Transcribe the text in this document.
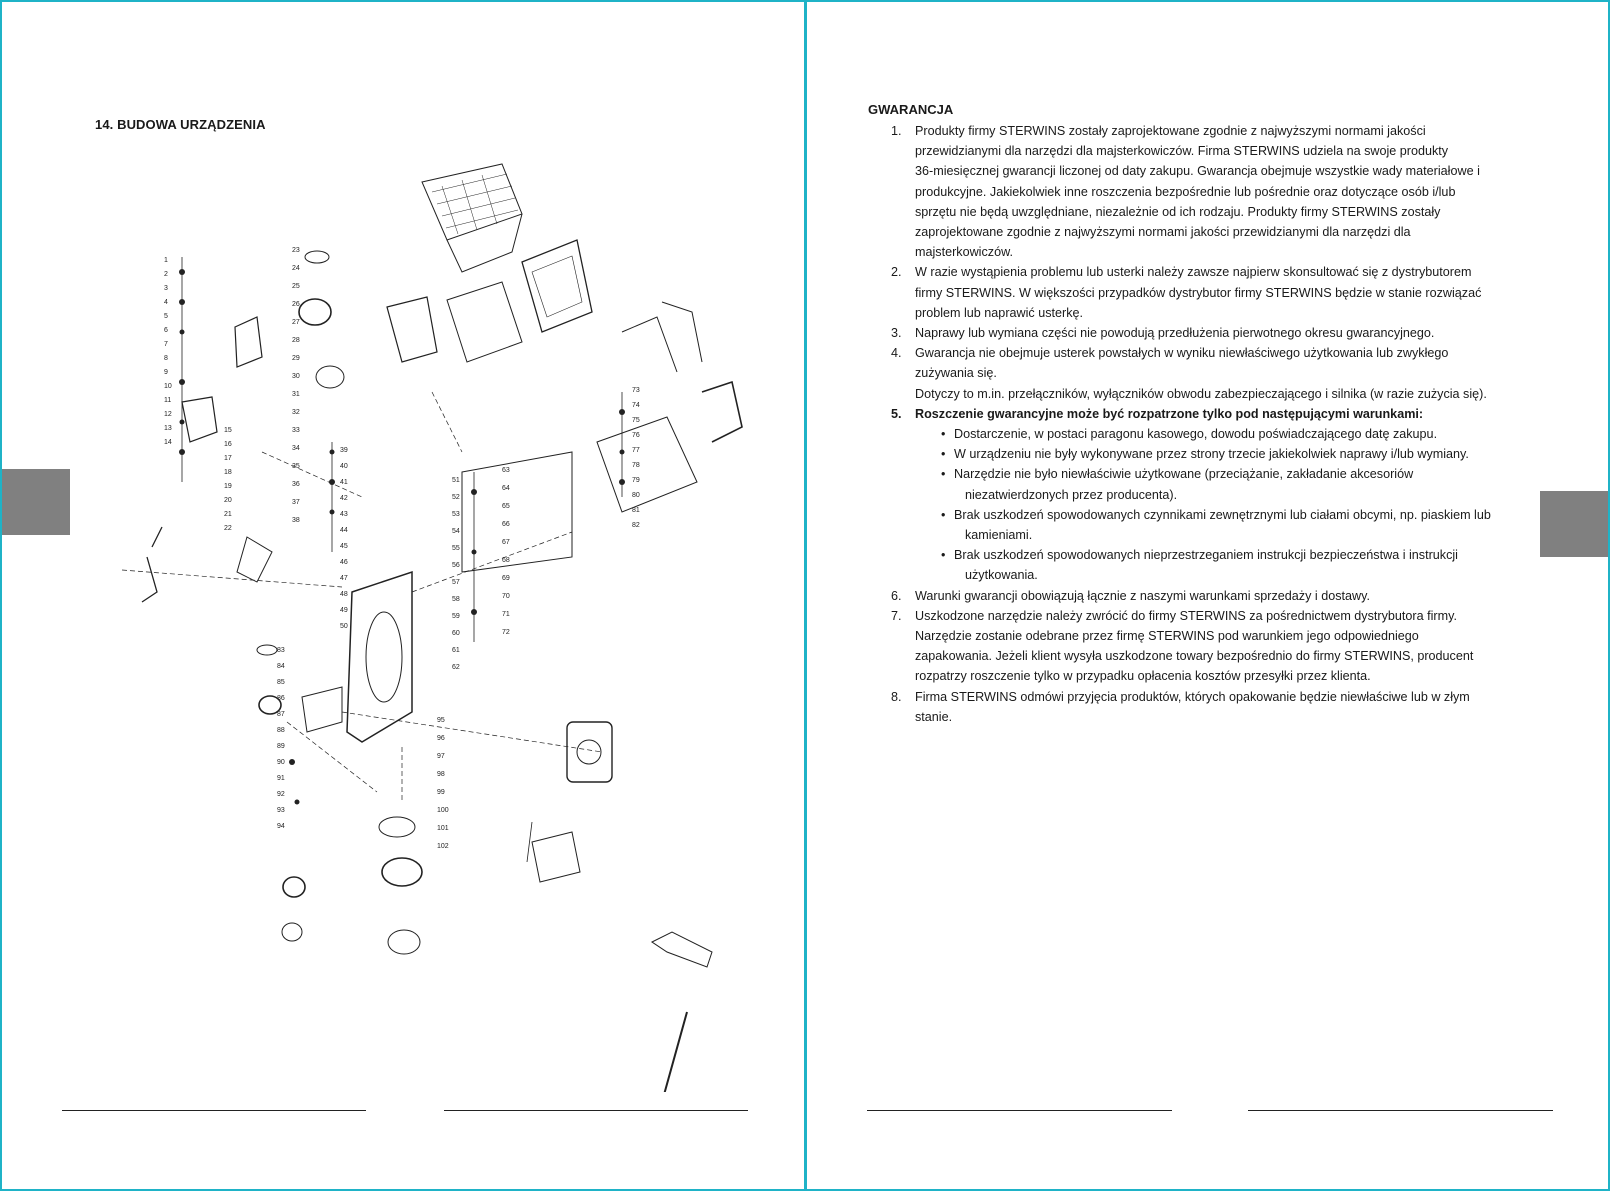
14. BUDOWA URZĄDZENIA
1
2
3
4
5
6
7
8
9
10
11
12
13
14
15
16
17
18
19
20
21
22
23
24
25
26
27
28
29
30
31
32
33
34
35
36
37
38
39
40
41
42
43
44
45
46
47
48
49
50
51
52
53
54
55
56
57
58
59
60
61
62
63
64
65
66
67
68
69
70
71
72
73
74
75
76
77
78
79
80
81
82
83
84
85
86
87
88
89
90
91
92
93
94
95
96
97
98
99
100
101
102
GWARANCJA
1. Produkty firmy STERWINS zostały zaprojektowane zgodnie z najwyższymi normami jakości
przewidzianymi dla narzędzi dla majsterkowiczów. Firma STERWINS udziela na swoje produkty
36-miesięcznej gwarancji liczonej od daty zakupu. Gwarancja obejmuje wszystkie wady materiałowe i
produkcyjne. Jakiekolwiek inne roszczenia bezpośrednie lub pośrednie oraz dotyczące osób i/lub
sprzętu nie będą uwzględniane, niezależnie od ich rodzaju. Produkty firmy STERWINS zostały
zaprojektowane zgodnie z najwyższymi normami jakości przewidzianymi dla narzędzi dla
majsterkowiczów.
2. W razie wystąpienia problemu lub usterki należy zawsze najpierw skonsultować się z dystrybutorem
firmy STERWINS. W większości przypadków dystrybutor firmy STERWINS będzie w stanie rozwiązać
problem lub naprawić usterkę.
3. Naprawy lub wymiana części nie powodują przedłużenia pierwotnego okresu gwarancyjnego.
4. Gwarancja nie obejmuje usterek powstałych w wyniku niewłaściwego użytkowania lub zwykłego
zużywania się.
Dotyczy to m.in. przełączników, wyłączników obwodu zabezpieczającego i silnika (w razie zużycia się).
5. Roszczenie gwarancyjne może być rozpatrzone tylko pod następującymi warunkami:
• Dostarczenie, w postaci paragonu kasowego, dowodu poświadczającego datę zakupu.
• W urządzeniu nie były wykonywane przez strony trzecie jakiekolwiek naprawy i/lub wymiany.
• Narzędzie nie było niewłaściwie użytkowane (przeciążanie, zakładanie akcesoriów
niezatwierdzonych przez producenta).
• Brak uszkodzeń spowodowanych czynnikami zewnętrznymi lub ciałami obcymi, np. piaskiem lub
kamieniami.
• Brak uszkodzeń spowodowanych nieprzestrzeganiem instrukcji bezpieczeństwa i instrukcji
użytkowania.
6. Warunki gwarancji obowiązują łącznie z naszymi warunkami sprzedaży i dostawy.
7. Uszkodzone narzędzie należy zwrócić do firmy STERWINS za pośrednictwem dystrybutora firmy.
Narzędzie zostanie odebrane przez firmę STERWINS pod warunkiem jego odpowiedniego
zapakowania. Jeżeli klient wysyła uszkodzone towary bezpośrednio do firmy STERWINS, producent
rozpatrzy roszczenie tylko w przypadku opłacenia kosztów przesyłki przez klienta.
8. Firma STERWINS odmówi przyjęcia produktów, których opakowanie będzie niewłaściwe lub w złym
stanie.
